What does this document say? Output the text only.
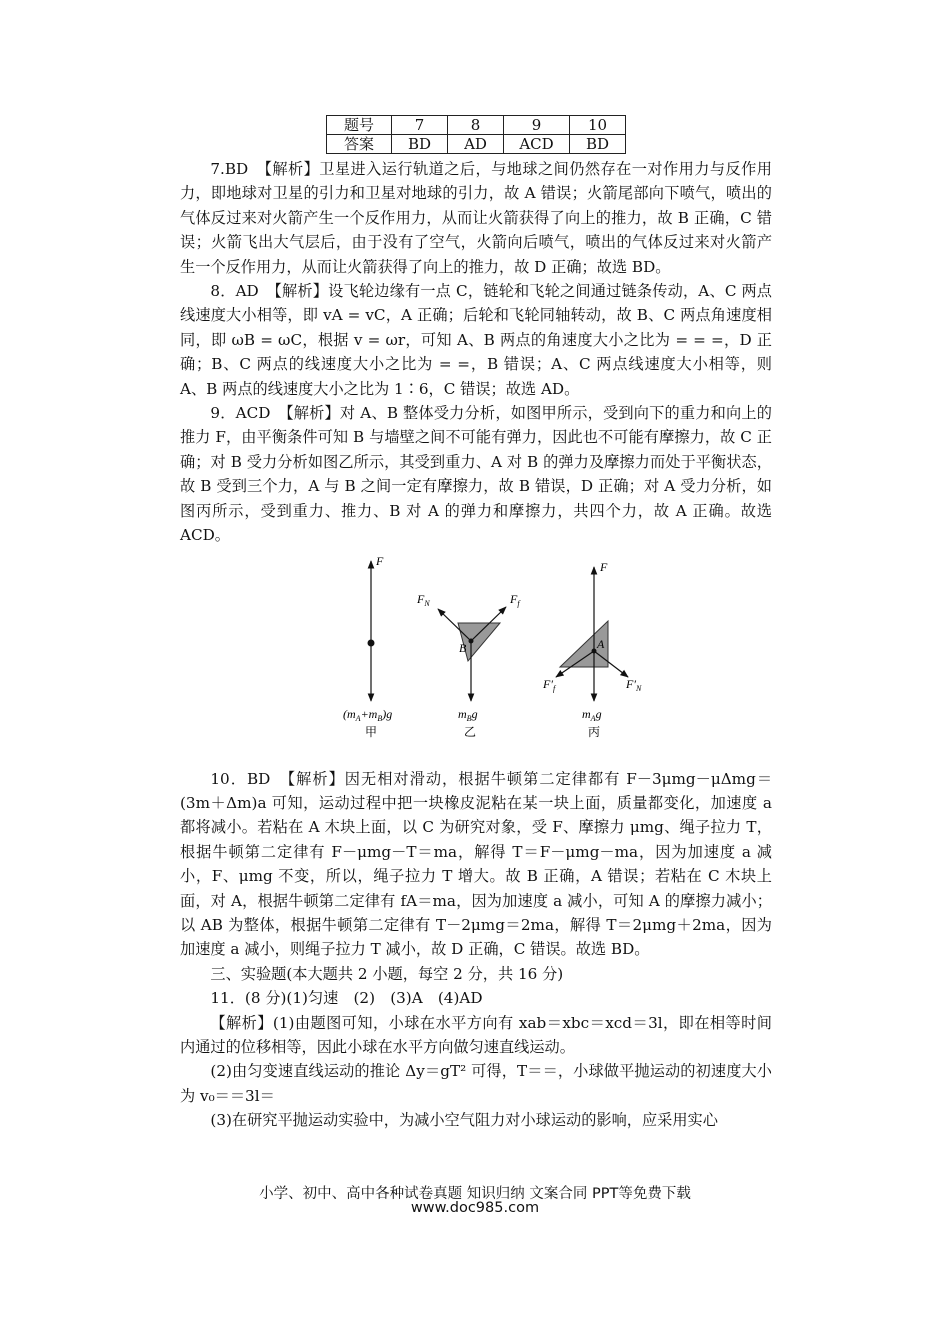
题号	7	8	9	10
答案	BD	AD	ACD	BD

7.BD　【解析】卫星进入运行轨道之后，与地球之间仍然存在一对作用力与反作用力，即地球对卫星的引力和卫星对地球的引力，故 A 错误；火箭尾部向下喷气，喷出的气体反过来对火箭产生一个反作用力，从而让火箭获得了向上的推力，故 B 正确，C 错误；火箭飞出大气层后，由于没有了空气，火箭向后喷气，喷出的气体反过来对火箭产生一个反作用力，从而让火箭获得了向上的推力，故 D 正确；故选 BD。

8．AD　【解析】设飞轮边缘有一点 C，链轮和飞轮之间通过链条传动，A、C 两点线速度大小相等，即 vA = vC，A 正确；后轮和飞轮同轴转动，故 B、C 两点角速度相同，即 ωB = ωC，根据 v = ωr，可知 A、B 两点的角速度大小之比为 = = =，D 正确；B、C 两点的线速度大小之比为 = =，B 错误；A、C 两点线速度大小相等，则 A、B 两点的线速度大小之比为 1∶6，C 错误；故选 AD。

9．ACD　【解析】对 A、B 整体受力分析，如图甲所示，受到向下的重力和向上的推力 F，由平衡条件可知 B 与墙壁之间不可能有弹力，因此也不可能有摩擦力，故 C 正确；对 B 受力分析如图乙所示，其受到重力、A 对 B 的弹力及摩擦力而处于平衡状态，故 B 受到三个力，A 与 B 之间一定有摩擦力，故 B 错误，D 正确；对 A 受力分析，如图丙所示，受到重力、推力、B 对 A 的弹力和摩擦力，共四个力，故 A 正确。故选 ACD。

F
$(m_A+m_B)g$
甲
$F_N$	$F_f$
B
$m_Bg$
乙
F
A
$F'_f$	$F'_N$
$m_Ag$
丙

10．BD　【解析】因无相对滑动，根据牛顿第二定律都有 F－3μmg－μΔmg＝(3m＋Δm)a 可知，运动过程中把一块橡皮泥粘在某一块上面，质量都变化，加速度 a 都将减小。若粘在 A 木块上面，以 C 为研究对象，受 F、摩擦力 μmg、绳子拉力 T，根据牛顿第二定律有 F－μmg－T＝ma，解得 T＝F－μmg－ma，因为加速度 a 减小，F、μmg 不变，所以，绳子拉力 T 增大。故 B 正确，A 错误；若粘在 C 木块上面，对 A，根据牛顿第二定律有 fA＝ma，因为加速度 a 减小，可知 A 的摩擦力减小；以 AB 为整体，根据牛顿第二定律有 T－2μmg＝2ma，解得 T＝2μmg＋2ma，因为加速度 a 减小，则绳子拉力 T 减小，故 D 正确，C 错误。故选 BD。

三、实验题(本大题共 2 小题，每空 2 分，共 16 分)

11．(8 分)(1)匀速　(2)　(3)A　(4)AD

【解析】(1)由题图可知，小球在水平方向有 xab＝xbc＝xcd＝3l，即在相等时间内通过的位移相等，因此小球在水平方向做匀速直线运动。

(2)由匀变速直线运动的推论 Δy＝gT² 可得，T＝＝，小球做平抛运动的初速度大小为 v₀＝＝3l＝

(3)在研究平抛运动实验中，为减小空气阻力对小球运动的影响，应采用实心

小学、初中、高中各种试卷真题 知识归纳 文案合同 PPT等免费下载
www.doc985.com
